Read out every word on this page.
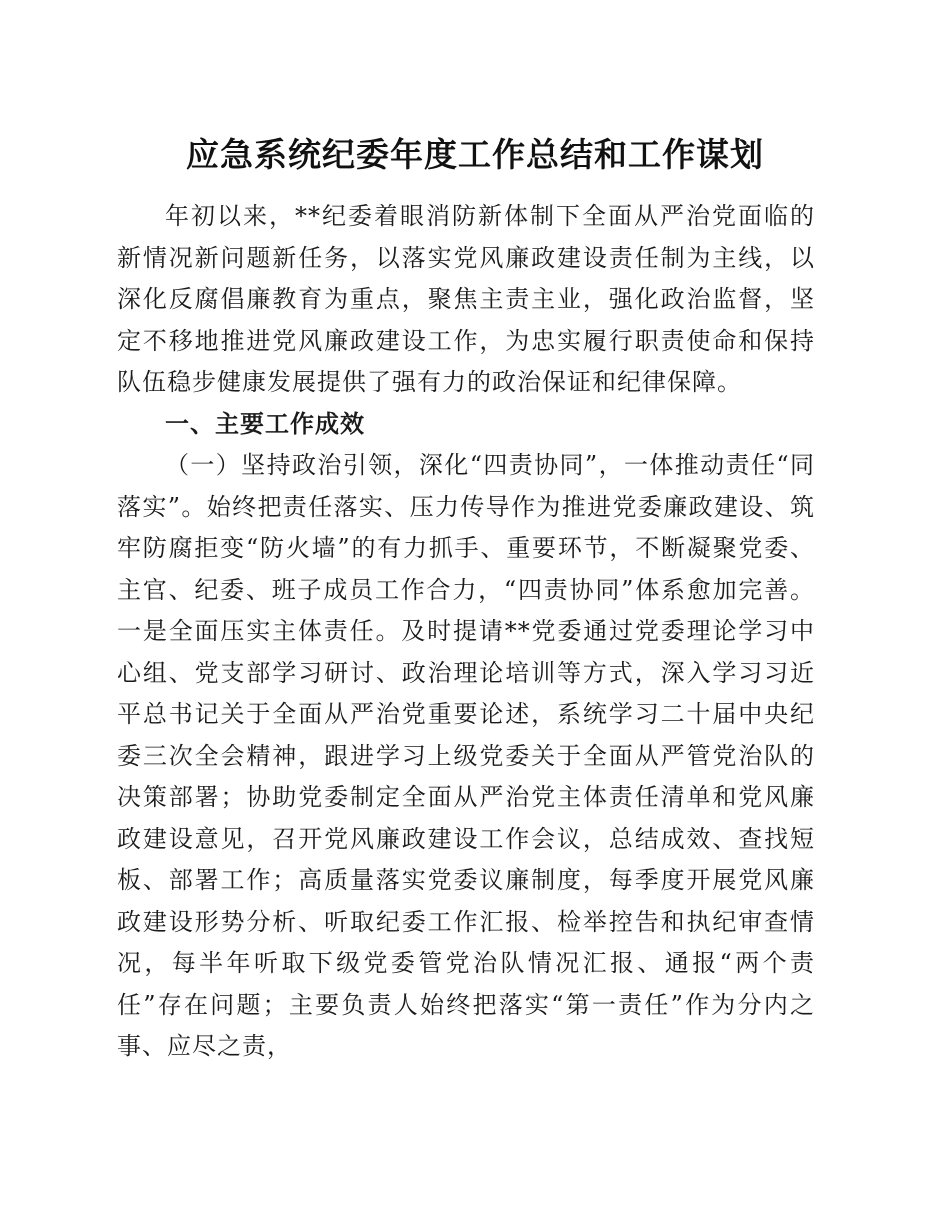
应急系统纪委年度工作总结和工作谋划

年初以来，**纪委着眼消防新体制下全面从严治党面临的新情况新问题新任务，以落实党风廉政建设责任制为主线，以深化反腐倡廉教育为重点，聚焦主责主业，强化政治监督，坚定不移地推进党风廉政建设工作，为忠实履行职责使命和保持队伍稳步健康发展提供了强有力的政治保证和纪律保障。

一、主要工作成效

（一）坚持政治引领，深化“四责协同”，一体推动责任“同落实”。始终把责任落实、压力传导作为推进党委廉政建设、筑牢防腐拒变“防火墙”的有力抓手、重要环节，不断凝聚党委、主官、纪委、班子成员工作合力，“四责协同”体系愈加完善。一是全面压实主体责任。及时提请**党委通过党委理论学习中心组、党支部学习研讨、政治理论培训等方式，深入学习习近平总书记关于全面从严治党重要论述，系统学习二十届中央纪委三次全会精神，跟进学习上级党委关于全面从严管党治队的决策部署；协助党委制定全面从严治党主体责任清单和党风廉政建设意见，召开党风廉政建设工作会议，总结成效、查找短板、部署工作；高质量落实党委议廉制度，每季度开展党风廉政建设形势分析、听取纪委工作汇报、检举控告和执纪审查情况，每半年听取下级党委管党治队情况汇报、通报“两个责任”存在问题；主要负责人始终把落实“第一责任”作为分内之事、应尽之责，
